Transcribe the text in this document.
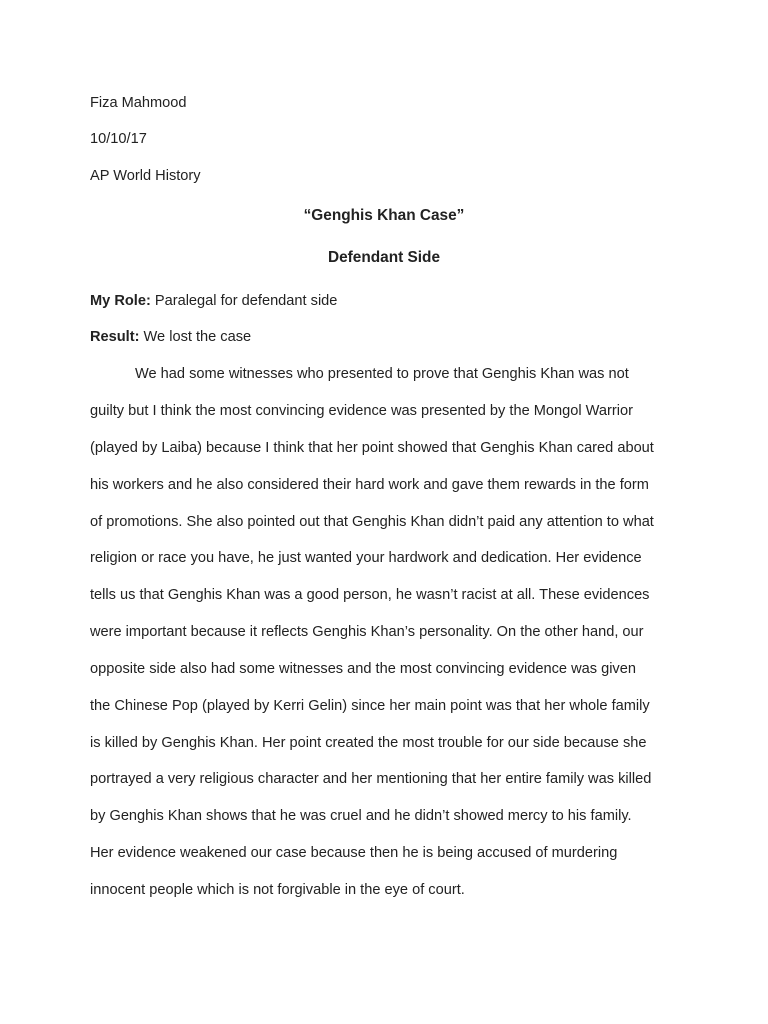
Fiza Mahmood

10/10/17

AP World History

“Genghis Khan Case”

Defendant Side

My Role: Paralegal for defendant side

Result: We lost the case

We had some witnesses who presented to prove that Genghis Khan was not

guilty but I think the most convincing evidence was presented by the Mongol Warrior

(played by Laiba) because I think that her point showed that Genghis Khan cared about

his workers and he also considered their hard work and gave them rewards in the form

of promotions. She also pointed out that Genghis Khan didn’t paid any attention to what

religion or race you have, he just wanted your hardwork and dedication. Her evidence

tells us that Genghis Khan was a good person, he wasn’t racist at all. These evidences

were important because it reflects Genghis Khan’s personality. On the other hand, our

opposite side also had some witnesses and the most convincing evidence was given

the Chinese Pop (played by Kerri Gelin) since her main point was that her whole family

is killed by Genghis Khan. Her point created the most trouble for our side because she

portrayed a very religious character and her mentioning that her entire family was killed

by Genghis Khan shows that he was cruel and he didn’t showed mercy to his family.

Her evidence weakened our case because then he is being accused of murdering

innocent people which is not forgivable in the eye of court.
